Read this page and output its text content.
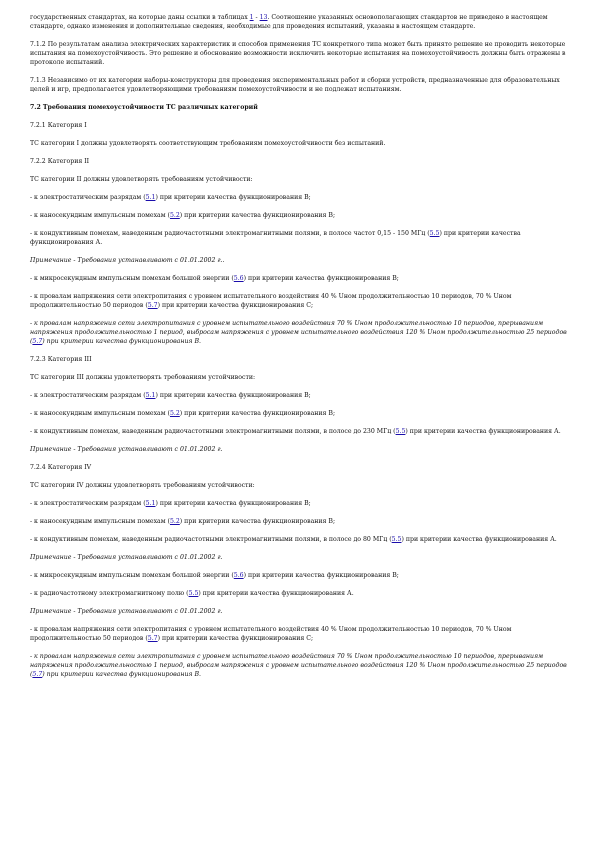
государственных стандартах, на которые даны ссылки в таблицах 1 - 13. Соотношение указанных основополагающих стандартов не приведено в настоящем стандарте, однако изменения и дополнительные сведения, необходимые для проведения испытаний, указаны в настоящем стандарте.

7.1.2 По результатам анализа электрических характеристик и способов применения ТС конкретного типа может быть принято решение не проводить некоторые испытания на помехоустойчивость. Это решение и обоснование возможности исключить некоторые испытания на помехоустойчивость должны быть отражены в протоколе испытаний.

7.1.3 Независимо от их категории наборы-конструкторы для проведения экспериментальных работ и сборки устройств, предназначенные для образовательных целей и игр, предполагается удовлетворяющими требованиям помехоустойчивости и не подлежат испытаниям.

7.2 Требования помехоустойчивости ТС различных категорий

7.2.1 Категория I

ТС категории I должны удовлетворять соответствующим требованиям помехоустойчивости без испытаний.

7.2.2 Категория II

ТС категории II должны удовлетворять требованиям устойчивости:

- к электростатическим разрядам (5.1) при критерии качества функционирования В;

- к наносекундным импульсным помехам (5.2) при критерии качества функционирования В;

- к кондуктивным помехам, наведенным радиочастотными электромагнитными полями, в полосе частот 0,15 - 150 МГц (5.5) при критерии качества функционирования А.

Примечание - Требования устанавливают с 01.01.2002 г..

- к микросекундным импульсным помехам большой энергии (5.6) при критерии качества функционирования В;

- к провалам напряжения сети электропитания с уровнем испытательного воздействия 40 % Uном продолжительностью 10 периодов, 70 % Uном продолжительностью 50 периодов (5.7) при критерии качества функционирования С;

- к провалам напряжения сети электропитания с уровнем испытательного воздействия 70 % Uном продолжительностью 10 периодов, прерываниям напряжения продолжительностью 1 период, выбросам напряжения с уровнем испытательного воздействия 120 % Uном продолжительностью 25 периодов (5.7) при критерии качества функционирования В.

7.2.3 Категория III

ТС категории III должны удовлетворять требованиям устойчивости:

- к электростатическим разрядам (5.1) при критерии качества функционирования В;

- к наносекундным импульсным помехам (5.2) при критерии качества функционирования В;

- к кондуктивным помехам, наведенным радиочастотными электромагнитными полями, в полосе до 230 МГц (5.5) при критерии качества функционирования А.

Примечание - Требования устанавливают с 01.01.2002 г.

7.2.4 Категория IV

ТС категории IV должны удовлетворять требованиям устойчивости:

- к электростатическим разрядам (5.1) при критерии качества функционирования В;

- к наносекундным импульсным помехам (5.2) при критерии качества функционирования В;

- к кондуктивным помехам, наведенным радиочастотными электромагнитными полями, в полосе до 80 МГц (5.5) при критерии качества функционирования А.

Примечание - Требования устанавливают с 01.01.2002 г.

- к микросекундным импульсным помехам большой энергии (5.6) при критерии качества функционирования В;

- к радиочастотному электромагнитному полю (5.5) при критерии качества функционирования А.

Примечание - Требования устанавливают с 01.01.2002 г.

- к провалам напряжения сети электропитания с уровнем испытательного воздействия 40 % Uном продолжительностью 10 периодов, 70 % Uном продолжительностью 50 периодов (5.7) при критерии качества функционирования С;

- к провалам напряжения сети электропитания с уровнем испытательного воздействия 70 % Uном продолжительностью 10 периодов, прерываниям напряжения продолжительностью 1 период, выбросам напряжения с уровнем испытательного воздействия 120 % Uном продолжительностью 25 периодов (5.7) при критерии качества функционирования В.
